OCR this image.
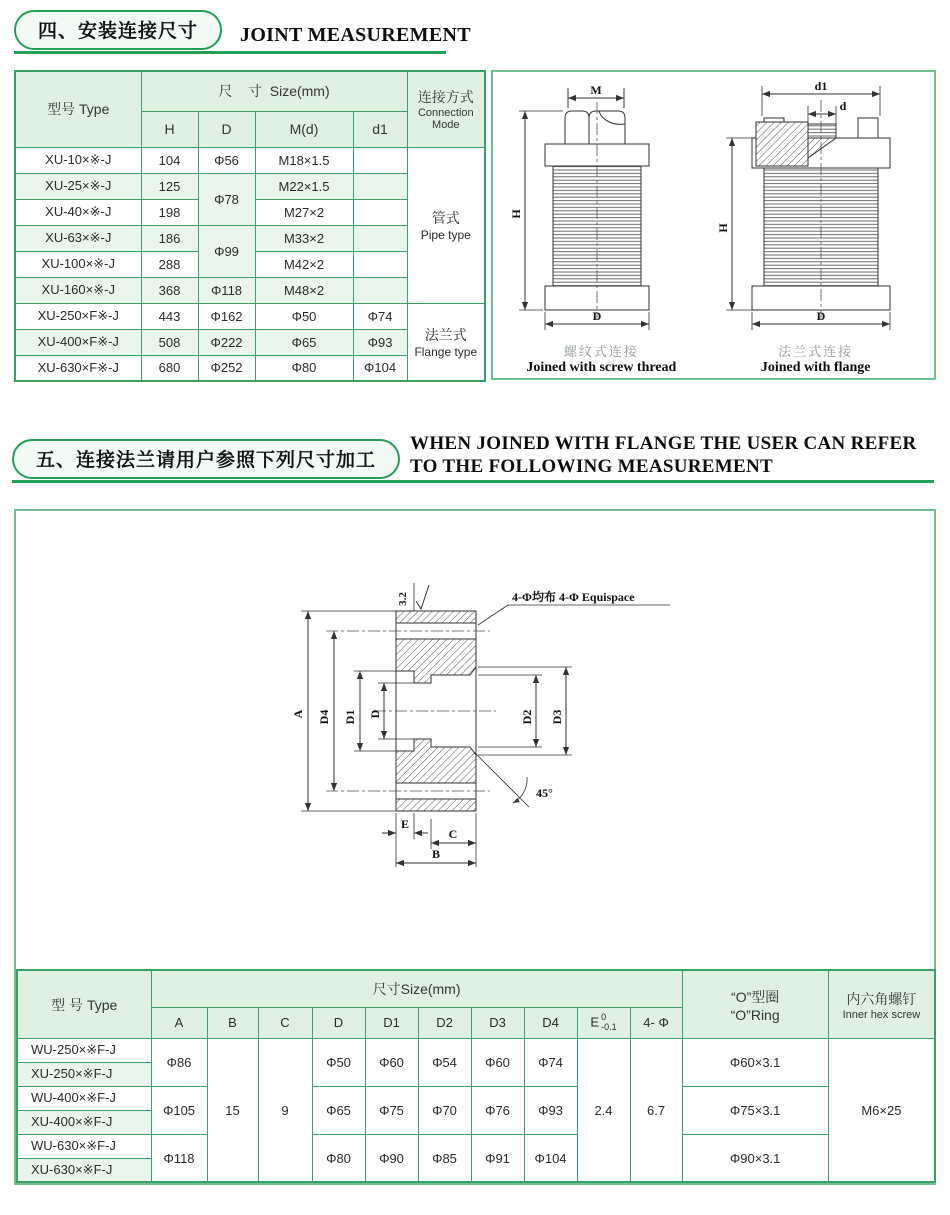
四、安装连接尺寸	JOINT MEASUREMENT
型号 Type	尺    寸  Size(mm)				连接方式
Connection
Mode

	H	D	M(d)	d1	
XU-10×※-J	104	Φ56	M18×1.5		管式
Pipe type

XU-25×※-J	125	Φ78	M22×1.5		
XU-40×※-J	198		M27×2		
XU-63×※-J	186	Φ99	M33×2		
XU-100×※-J	288		M42×2		
XU-160×※-J	368	Φ118	M48×2		
XU-250×F※-J	443	Φ162	Φ50	Φ74	法兰式
Flange type

XU-400×F※-J	508	Φ222	Φ65	Φ93	
XU-630×F※-J	680	Φ252	Φ80	Φ104	
M
H
D
螺纹式连接
Joined with screw thread
d1
d
H
D
法兰式连接
Joined with flange
五、连接法兰请用户参照下列尺寸加工
WHEN JOINED WITH FLANGE THE USER CAN REFER
TO THE FOLLOWING MEASUREMENT
A D4 D1 D	D2 D3
3.2	4-Φ均布 4-Φ Equispace
45°
E
C
B
型 号 Type	尺寸Size(mm)										“O”型圈
“O”Ring	内六角螺钉
Inner hex screw

	A	B	C	D	D1	D2	D3	D4	E 0
-0.1	4- Φ		
WU-250×※F-J	Φ86	15	9	Φ50	Φ60	Φ54	Φ60	Φ74	2.4	6.7	Φ60×3.1	M6×25
XU-250×※F-J												
WU-400×※F-J	Φ105			Φ65	Φ75	Φ70	Φ76	Φ93			Φ75×3.1	
XU-400×※F-J												
WU-630×※F-J	Φ118			Φ80	Φ90	Φ85	Φ91	Φ104			Φ90×3.1	
XU-630×※F-J												
